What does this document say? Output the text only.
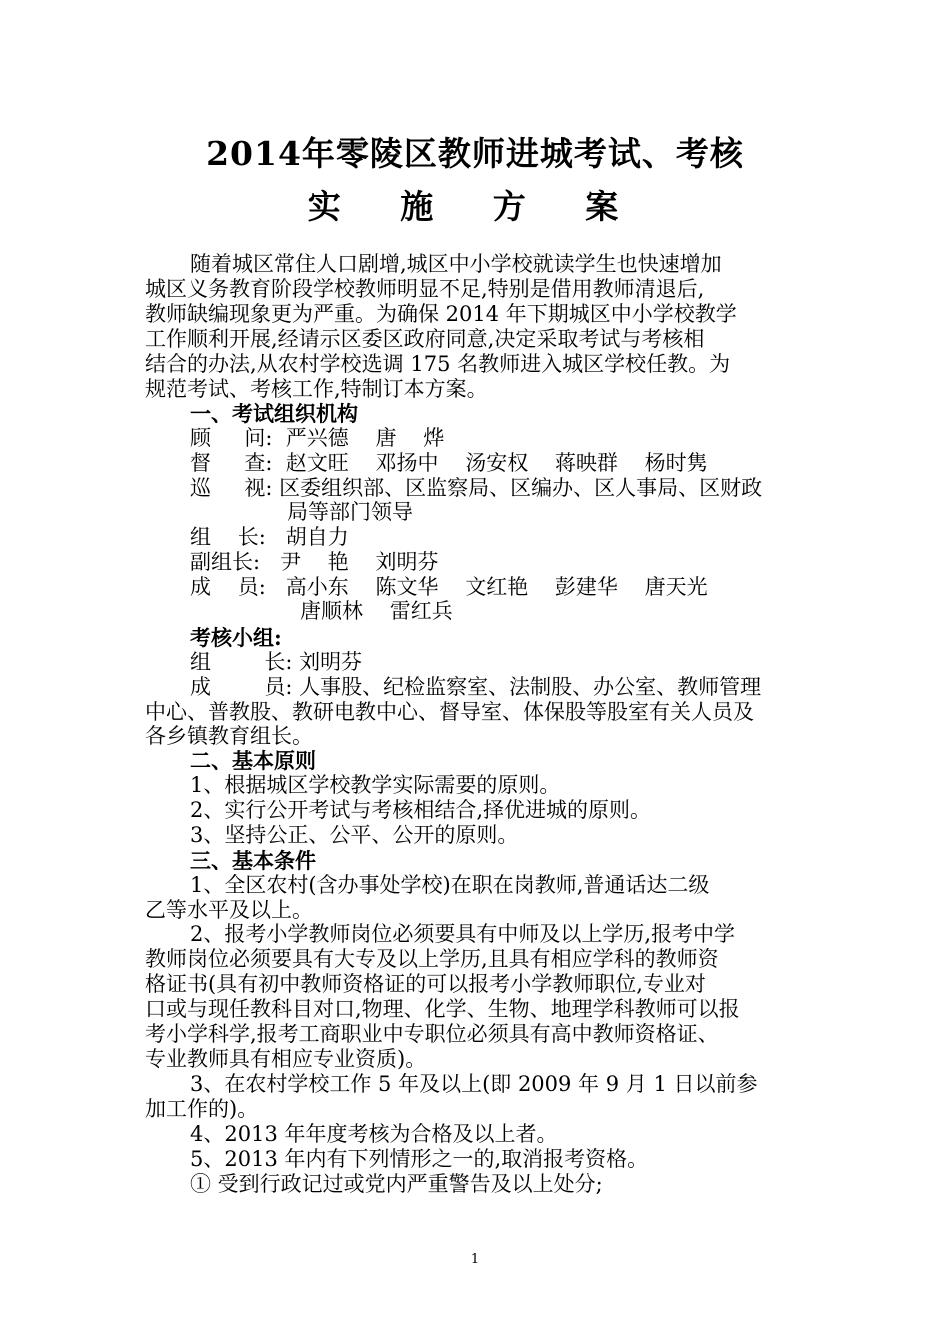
2014年零陵区教师进城考试、考核
实 施 方 案
随着城区常住人口剧增,城区中小学校就读学生也快速增加
城区义务教育阶段学校教师明显不足,特别是借用教师清退后,
教师缺编现象更为严重。为确保 2014 年下期城区中小学校教学
工作顺利开展,经请示区委区政府同意,决定采取考试与考核相
结合的办法,从农村学校选调 175 名教师进入城区学校任教。为
规范考试、考核工作,特制订本方案。
一、考试组织机构
顾     问:  严兴德    唐    烨
督     查:  赵文旺    邓扬中    汤安权    蒋映群    杨时隽
巡     视: 区委组织部、区监察局、区编办、区人事局、区财政
局等部门领导
组    长:   胡自力
副组长:   尹    艳    刘明芬
成    员:   高小东    陈文华    文红艳    彭建华    唐天光
唐顺林    雷红兵
考核小组:
组        长: 刘明芬
成        员: 人事股、纪检监察室、法制股、办公室、教师管理
中心、普教股、教研电教中心、督导室、体保股等股室有关人员及
各乡镇教育组长。
二、基本原则
1、根据城区学校教学实际需要的原则。
2、实行公开考试与考核相结合,择优进城的原则。
3、坚持公正、公平、公开的原则。
三、基本条件
1、全区农村(含办事处学校)在职在岗教师,普通话达二级
乙等水平及以上。
2、报考小学教师岗位必须要具有中师及以上学历,报考中学
教师岗位必须要具有大专及以上学历,且具有相应学科的教师资
格证书(具有初中教师资格证的可以报考小学教师职位,专业对
口或与现任教科目对口,物理、化学、生物、地理学科教师可以报
考小学科学,报考工商职业中专职位必须具有高中教师资格证、
专业教师具有相应专业资质)。
3、在农村学校工作 5 年及以上(即 2009 年 9 月 1 日以前参
加工作的)。
4、2013 年年度考核为合格及以上者。
5、2013 年内有下列情形之一的,取消报考资格。
① 受到行政记过或党内严重警告及以上处分;
1
